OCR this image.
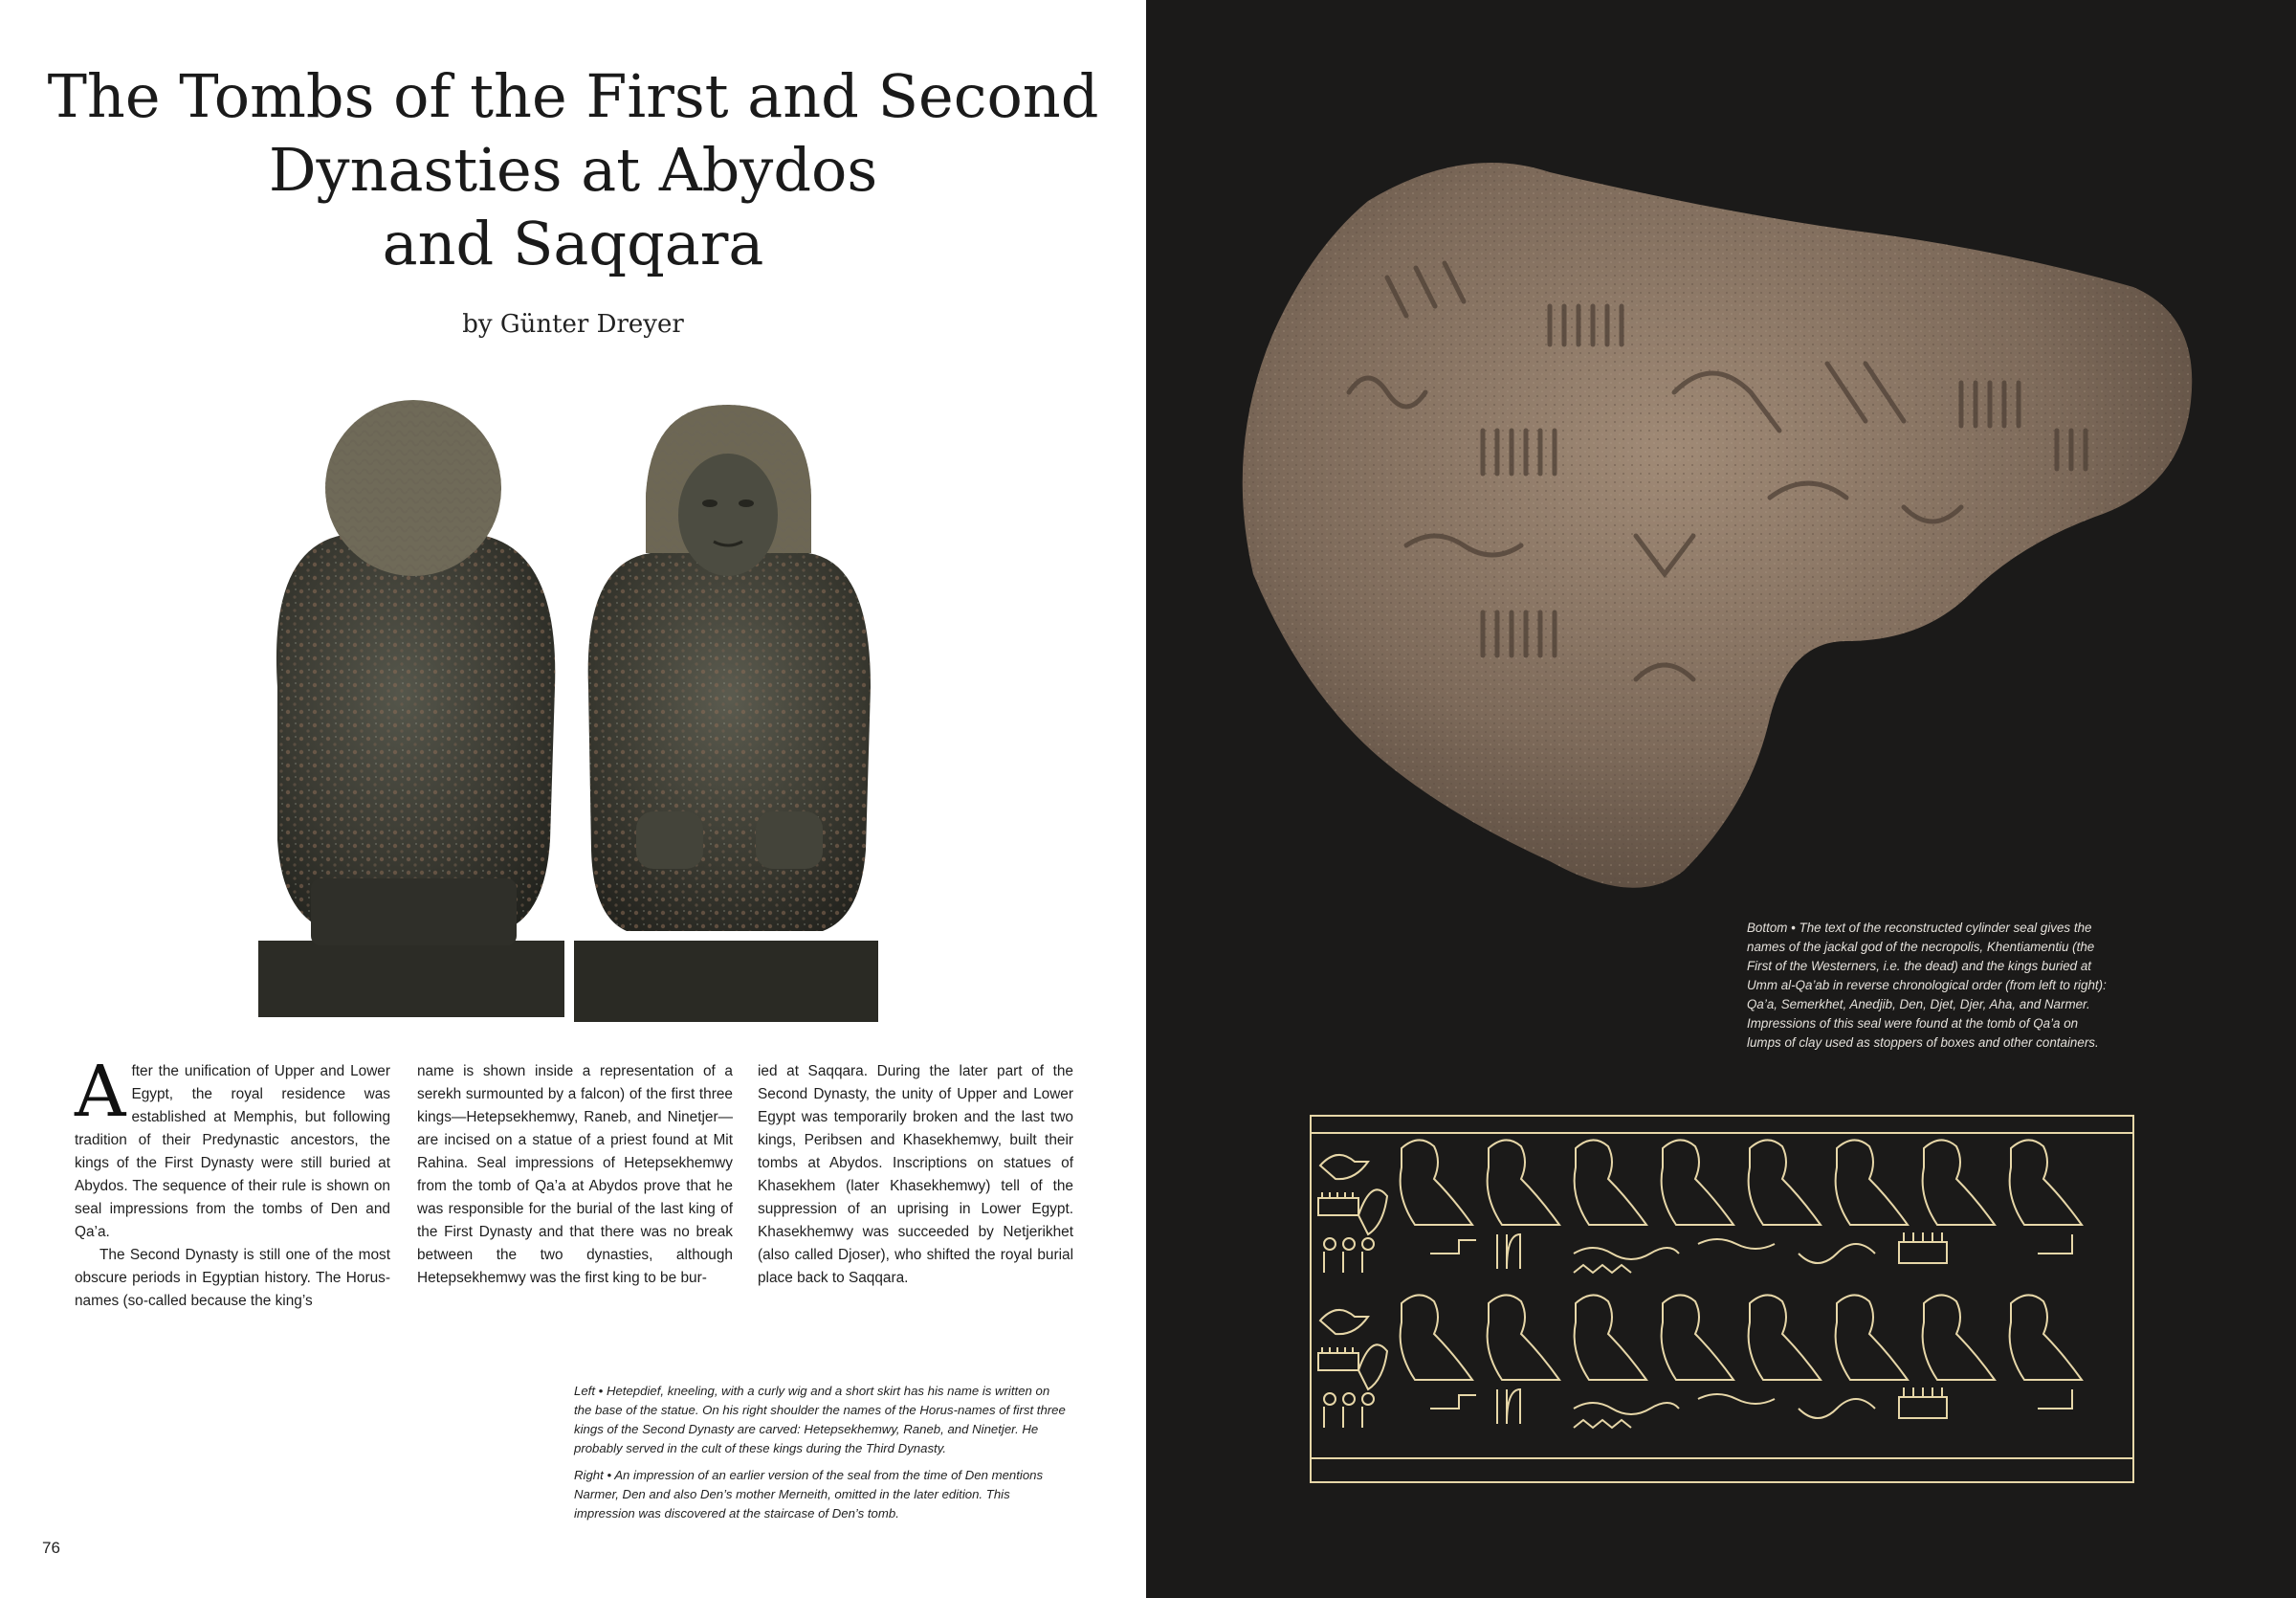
The Tombs of the First and Second
Dynasties at Abydos
and Saqqara
by Günter Dreyer

After the unification of Upper and Lower Egypt, the royal residence was established at Memphis, but following tradition of their Predynastic ancestors, the kings of the First Dynasty were still buried at Abydos. The sequence of their rule is shown on seal impressions from the tombs of Den and Qa’a.

The Second Dynasty is still one of the most obscure periods in Egyptian history. The Horus-names (so-called because the king’s

name is shown inside a representation of a serekh surmounted by a falcon) of the first three kings—Hetepsekhemwy, Raneb, and Ninetjer—are incised on a statue of a priest found at Mit Rahina. Seal impressions of Hetepsekhemwy from the tomb of Qa’a at Abydos prove that he was responsible for the burial of the last king of the First Dynasty and that there was no break between the two dynasties, although Hetepsekhemwy was the first king to be bur-

ied at Saqqara. During the later part of the Second Dynasty, the unity of Upper and Lower Egypt was temporarily broken and the last two kings, Peribsen and Khasekhemwy, built their tombs at Abydos. Inscriptions on statues of Khasekhem (later Khasekhemwy) tell of the suppression of an uprising in Lower Egypt. Khasekhemwy was succeeded by Netjerikhet (also called Djoser), who shifted the royal burial place back to Saqqara.

Left • Hetepdief, kneeling, with a curly wig and a short skirt has his name is written on the base of the statue. On his right shoulder the names of the Horus-names of first three kings of the Second Dynasty are carved: Hetepsekhemwy, Raneb, and Ninetjer. He probably served in the cult of these kings during the Third Dynasty.

Right • An impression of an earlier version of the seal from the time of Den mentions Narmer, Den and also Den’s mother Merneith, omitted in the later edition. This impression was discovered at the staircase of Den’s tomb.

76
Bottom • The text of the reconstructed cylinder seal gives the names of the jackal god of the necropolis, Khentiamentiu (the First of the Westerners, i.e. the dead) and the kings buried at Umm al-Qa’ab in reverse chronological order (from left to right): Qa’a, Semerkhet, Anedjib, Den, Djet, Djer, Aha, and Narmer. Impressions of this seal were found at the tomb of Qa’a on lumps of clay used as stoppers of boxes and other containers.
